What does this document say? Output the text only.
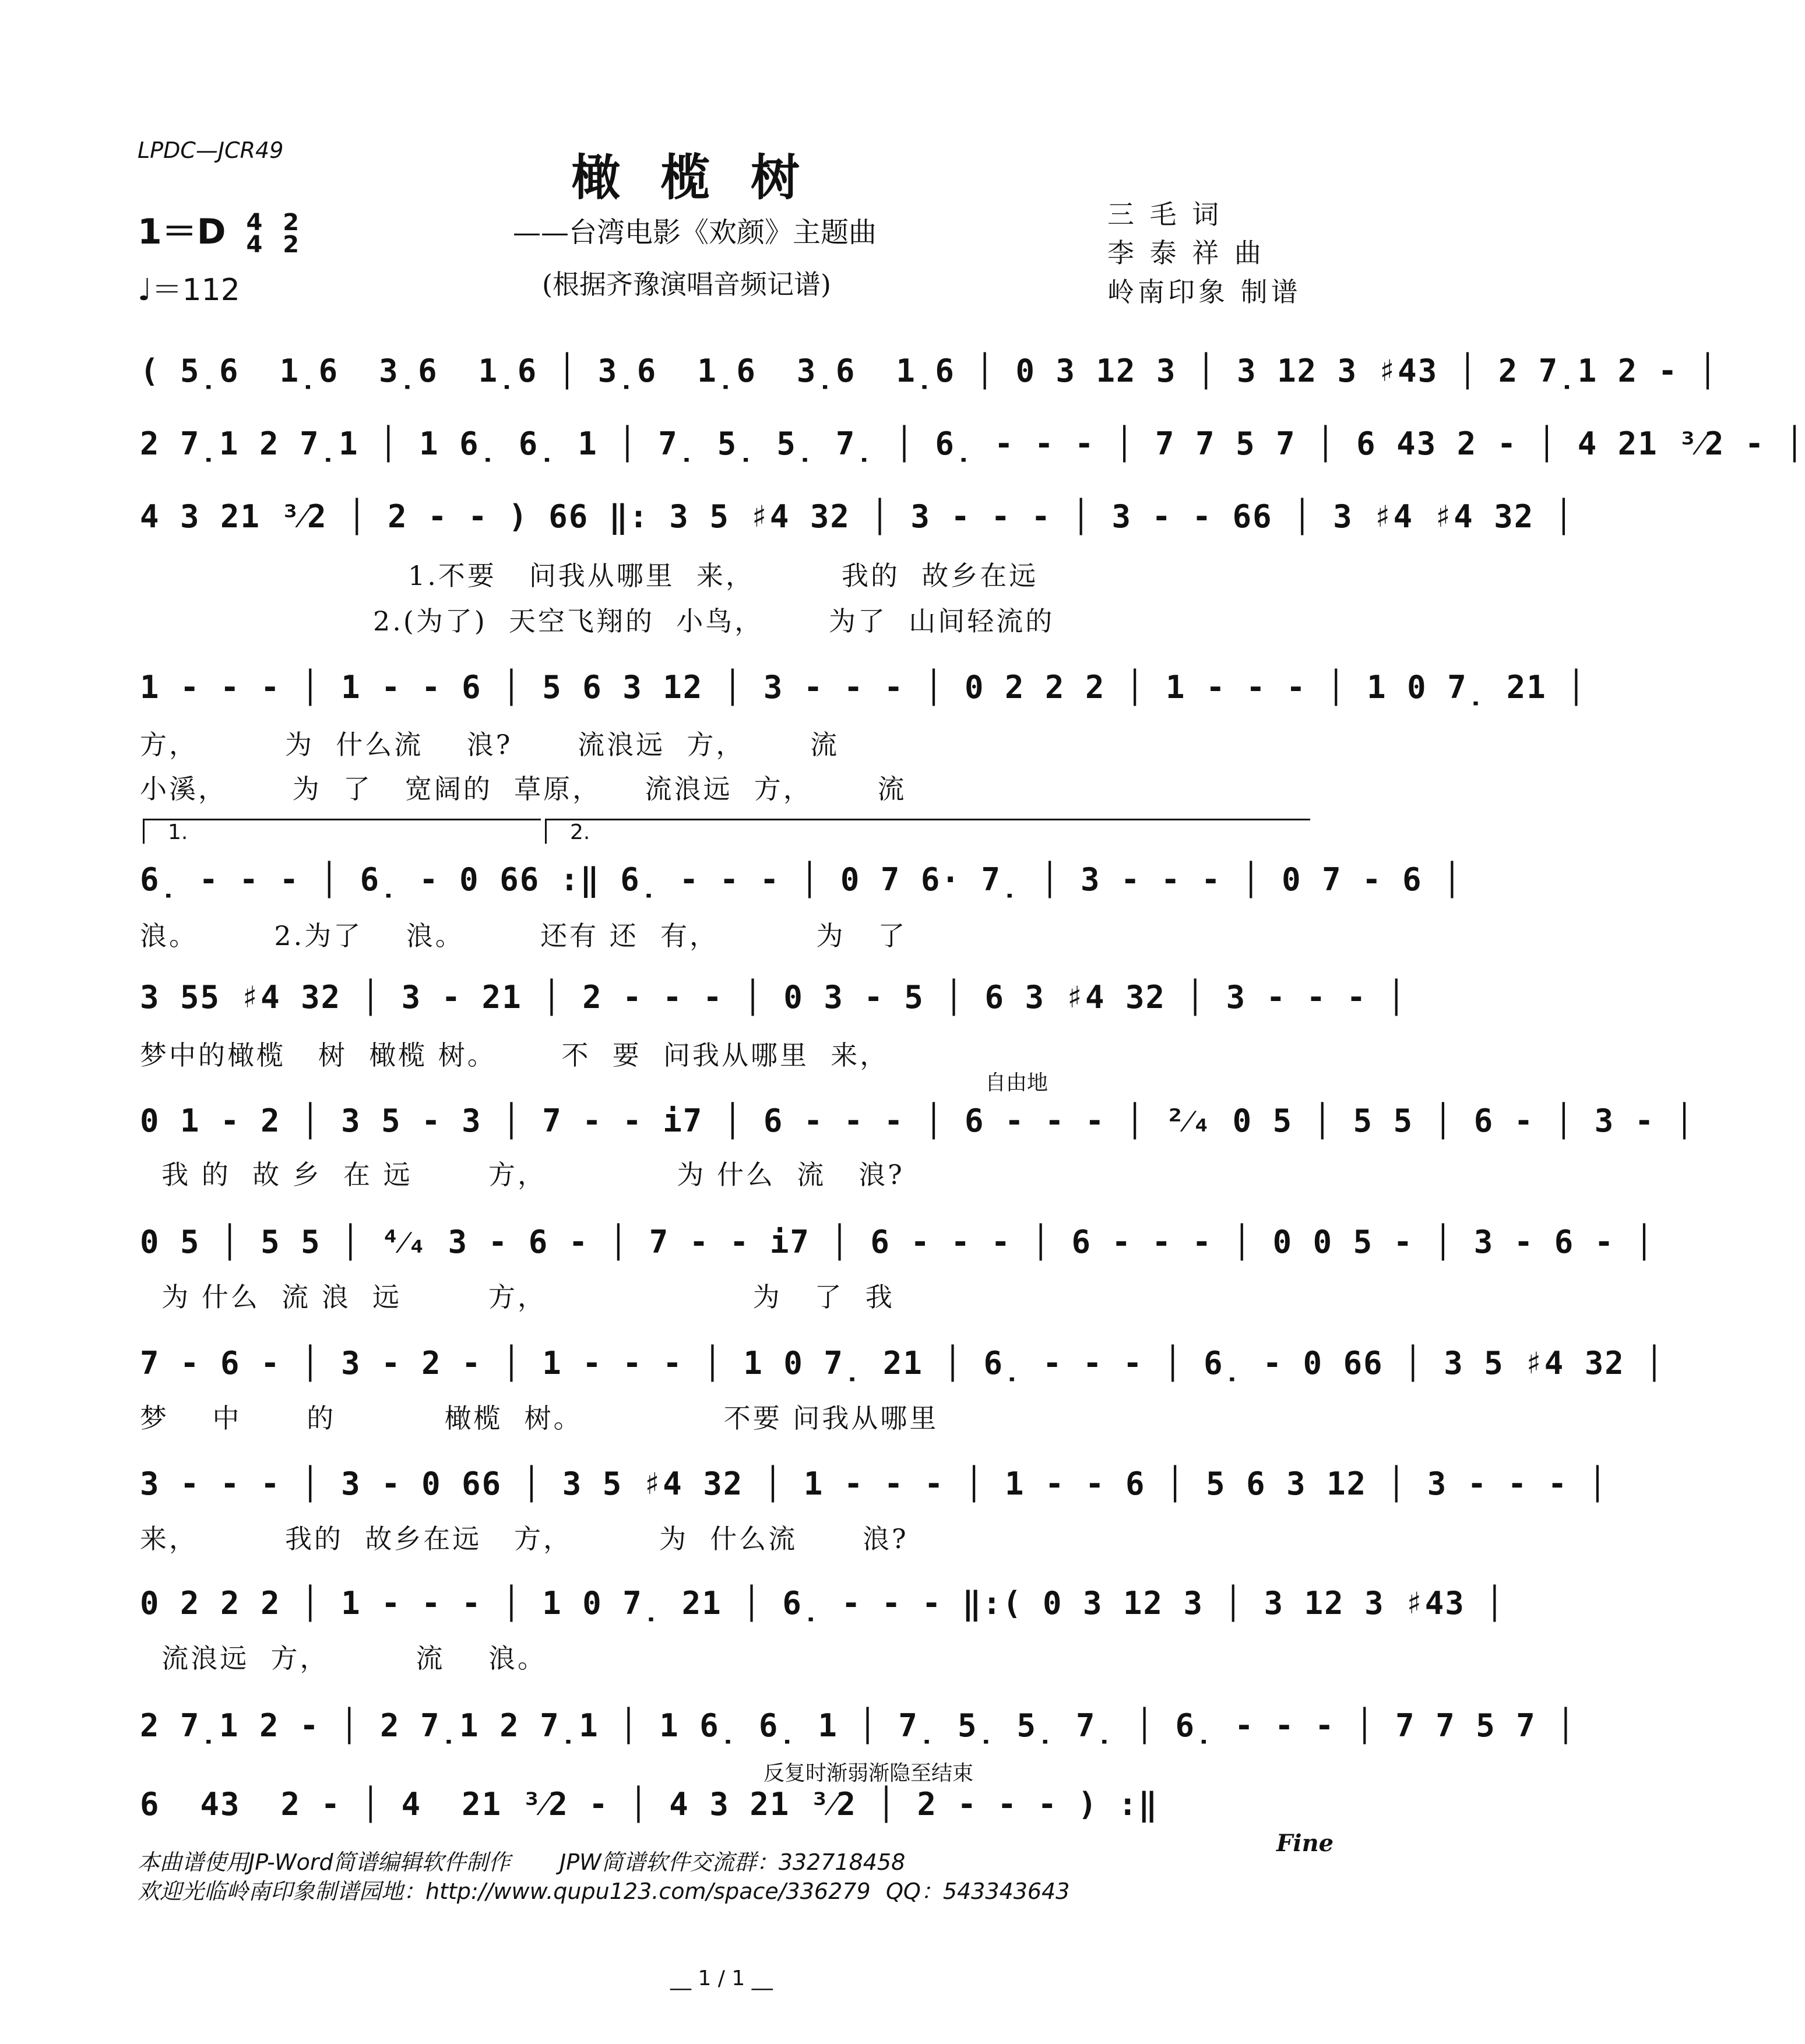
LPDC—JCR49	橄榄树
——台湾电影《欢颜》主题曲
(根据齐豫演唱音频记谱)
三 毛 词
李 泰 祥 曲
岭南印象 制谱
1＝D 4
4 2
2
♩＝112
( 5̣6  1̣6  3̣6  1̣6 │ 3̣6  1̣6  3̣6  1̣6 │ 0 3 12 3 │ 3 12 3 ♯43 │ 2 7̣1 2 - │
2 7̣1 2 7̣1 │ 1 6̣ 6̣ 1 │ 7̣ 5̣ 5̣ 7̣ │ 6̣ - - - │ 7 7 5 7 │ 6 43 2 - │ 4 21 ³⁄2 - │
4 3 21 ³⁄2 │ 2 - - ) 66 ‖: 3 5 ♯4 32 │ 3 - - - │ 3 - - 66 │ 3 ♯4 ♯4 32 │
1.不要   问我从哪里  来，        我的  故乡在远
2.(为了)  天空飞翔的  小鸟，      为了  山间轻流的
1 - - - │ 1 - - 6 │ 5 6 3 12 │ 3 - - - │ 0 2 2 2 │ 1 - - - │ 1 0 7̣ 21 │
方，        为  什么流    浪?      流浪远  方，      流
小溪，      为  了   宽阔的  草原，    流浪远  方，      流
1.	2.
6̣ - - - │ 6̣ - 0 66 :‖ 6̣ - - - │ 0 7 6· 7̣ │ 3 - - - │ 0 7 - 6 │
浪。       2.为了    浪。       还有 还  有，         为   了
3 55 ♯4 32 │ 3 - 21 │ 2 - - - │ 0 3 - 5 │ 6 3 ♯4 32 │ 3 - - - │
梦中的橄榄   树  橄榄 树。      不  要  问我从哪里  来，
自由地
0 1 - 2 │ 3 5 - 3 │ 7 - - i7 │ 6 - - - │ 6 - - - │ ²⁄₄ 0 5 │ 5 5 │ 6 - │ 3 - │
我 的  故 乡  在 远       方，            为 什么  流   浪?
0 5 │ 5 5 │ ⁴⁄₄ 3 - 6 - │ 7 - - i7 │ 6 - - - │ 6 - - - │ 0 0 5 - │ 3 - 6 - │
为 什么  流 浪  远        方，                   为   了  我
7 - 6 - │ 3 - 2 - │ 1 - - - │ 1 0 7̣ 21 │ 6̣ - - - │ 6̣ - 0 66 │ 3 5 ♯4 32 │
梦    中      的          橄榄  树。             不要 问我从哪里
3 - - - │ 3 - 0 66 │ 3 5 ♯4 32 │ 1 - - - │ 1 - - 6 │ 5 6 3 12 │ 3 - - - │
来，        我的  故乡在远   方，        为  什么流      浪?
0 2 2 2 │ 1 - - - │ 1 0 7̣ 21 │ 6̣ - - - ‖:( 0 3 12 3 │ 3 12 3 ♯43 │
流浪远  方，        流    浪。
2 7̣1 2 - │ 2 7̣1 2 7̣1 │ 1 6̣ 6̣ 1 │ 7̣ 5̣ 5̣ 7̣ │ 6̣ - - - │ 7 7 5 7 │
反复时渐弱渐隐至结束
6  43  2 - │ 4  21 ³⁄2 - │ 4 3 21 ³⁄2 │ 2 - - - ) :‖
Fine
本曲谱使用JP-Word简谱编辑软件制作 JPW简谱软件交流群：332718458
欢迎光临岭南印象制谱园地：http://www.qupu123.com/space/336279 QQ：543343643
__ 1 / 1 __
